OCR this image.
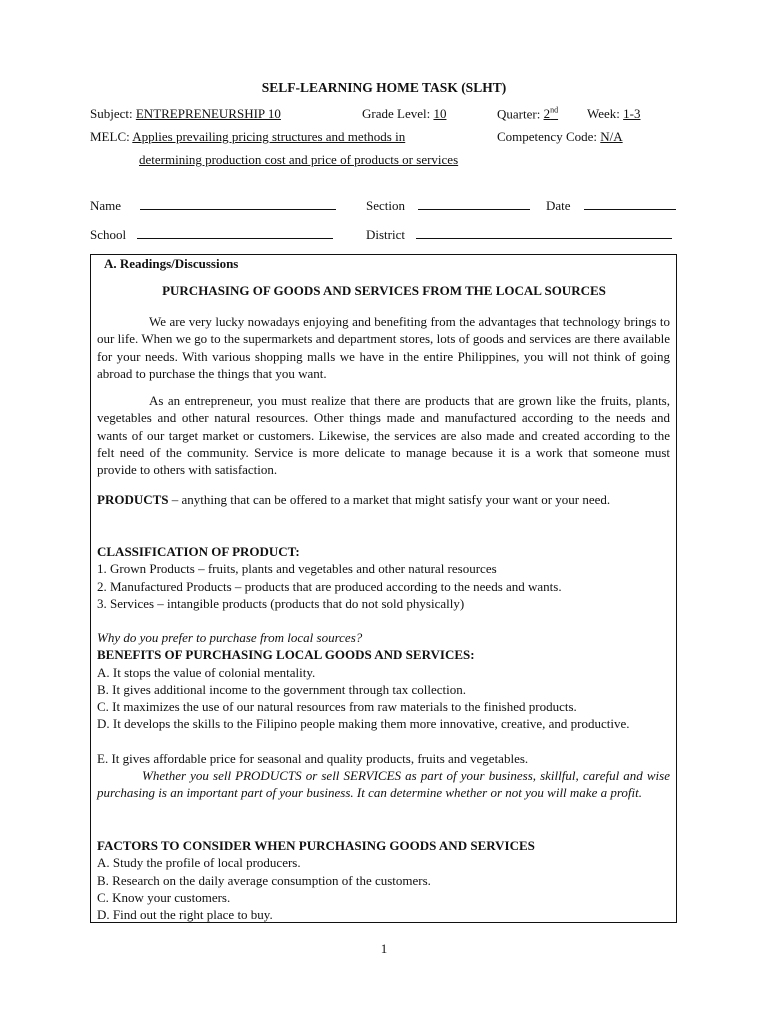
SELF-LEARNING HOME TASK (SLHT)
Subject: ENTREPRENEURSHIP 10	Grade Level: 10	Quarter: 2nd Week: 1-3
MELC: Applies prevailing pricing structures and methods in	Competency Code: N/A
determining production cost and price of products or services
Name	Section	Date
School	District
A. Readings/Discussions
PURCHASING OF GOODS AND SERVICES FROM THE LOCAL SOURCES
We are very lucky nowadays enjoying and benefiting from the advantages that technology brings to our life. When we go to the supermarkets and department stores, lots of goods and services are there available for your needs. With various shopping malls we have in the entire Philippines, you will not think of going abroad to purchase the things that you want.
As an entrepreneur, you must realize that there are products that are grown like the fruits, plants, vegetables and other natural resources. Other things made and manufactured according to the needs and wants of our target market or customers. Likewise, the services are also made and created according to the felt need of the community. Service is more delicate to manage because it is a work that someone must provide to others with satisfaction.
PRODUCTS – anything that can be offered to a market that might satisfy your want or your need.
CLASSIFICATION OF PRODUCT:
1. Grown Products – fruits, plants and vegetables and other natural resources
2. Manufactured Products – products that are produced according to the needs and wants.
3. Services – intangible products (products that do not sold physically)
Why do you prefer to purchase from local sources?
BENEFITS OF PURCHASING LOCAL GOODS AND SERVICES:
A. It stops the value of colonial mentality.
B. It gives additional income to the government through tax collection.
C. It maximizes the use of our natural resources from raw materials to the finished products.
D. It develops the skills to the Filipino people making them more innovative, creative, and productive.
E. It gives affordable price for seasonal and quality products, fruits and vegetables.
Whether you sell PRODUCTS or sell SERVICES as part of your business, skillful, careful and wise purchasing is an important part of your business. It can determine whether or not you will make a profit.
FACTORS TO CONSIDER WHEN PURCHASING GOODS AND SERVICES
A. Study the profile of local producers.
B. Research on the daily average consumption of the customers.
C. Know your customers.
D. Find out the right place to buy.
1
